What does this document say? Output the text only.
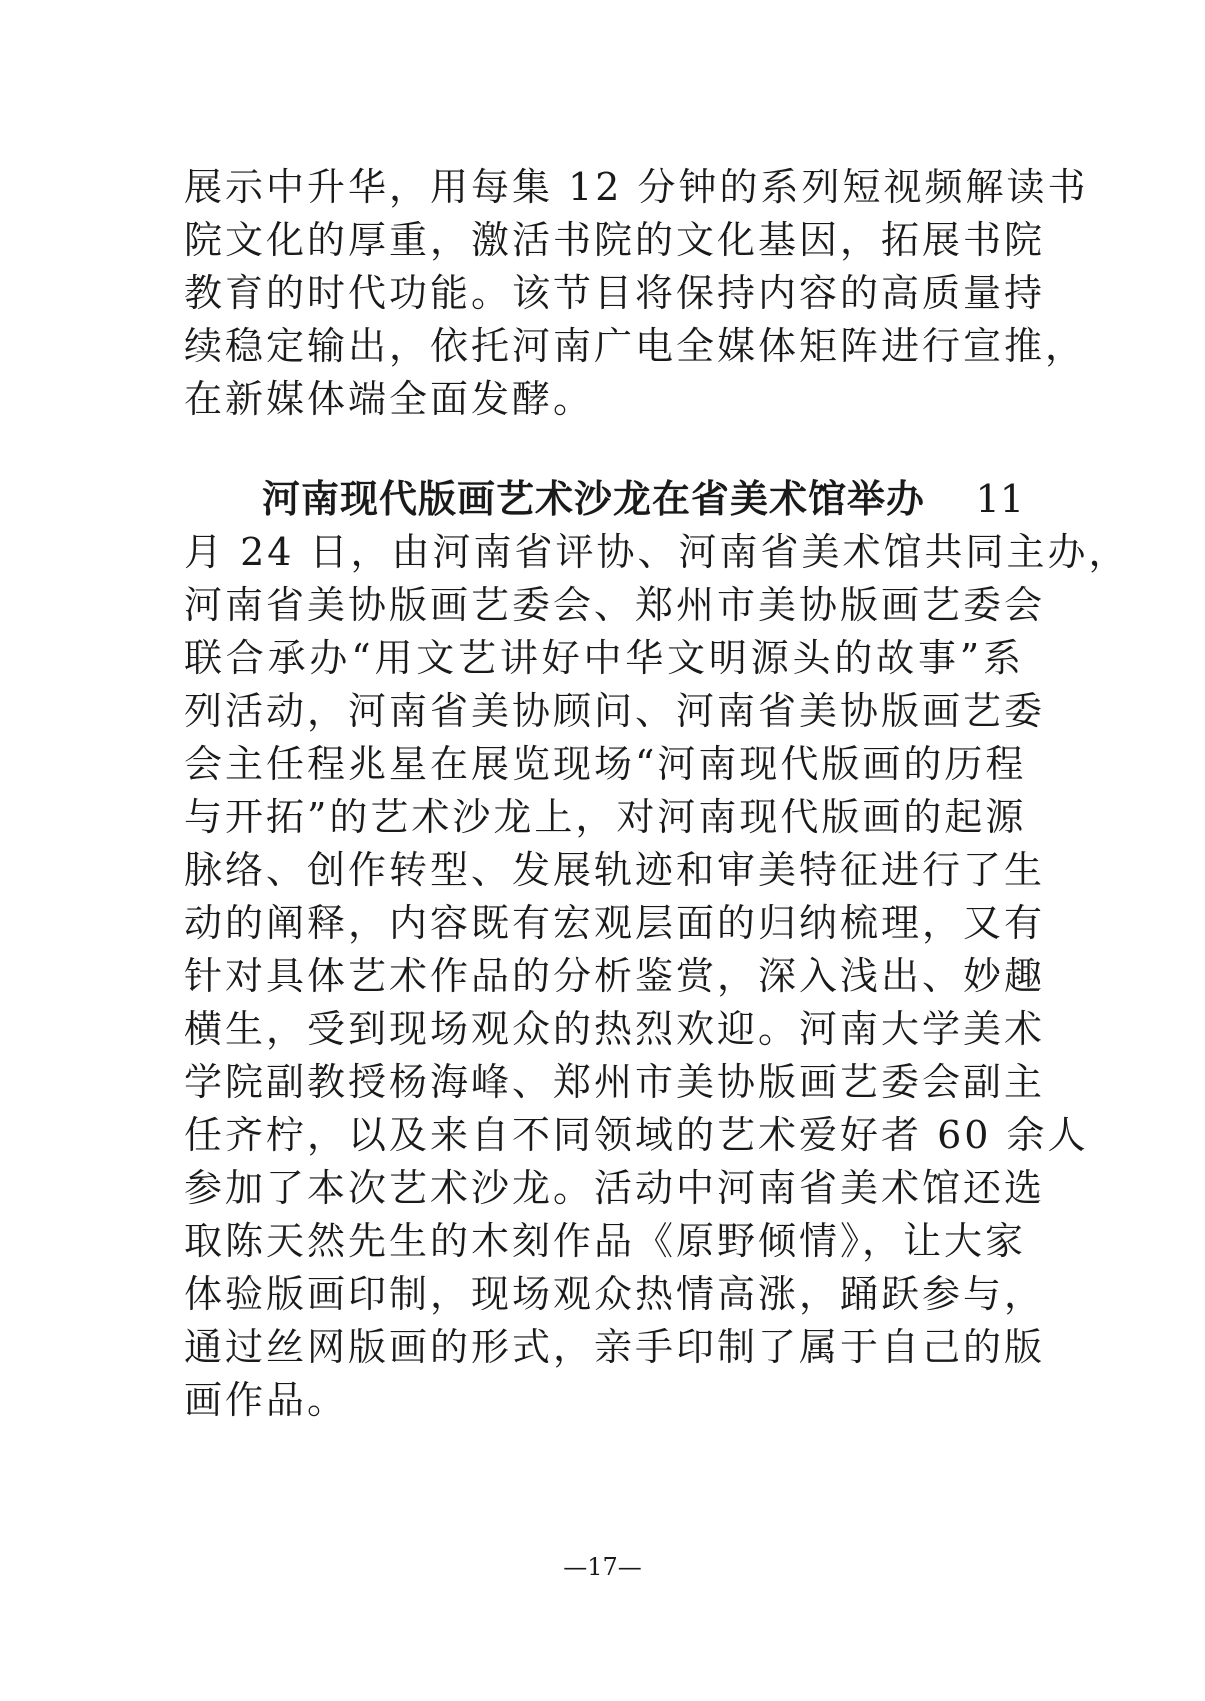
展示中升华，用每集 12 分钟的系列短视频解读书
院文化的厚重，激活书院的文化基因，拓展书院
教育的时代功能。该节目将保持内容的高质量持
续稳定输出，依托河南广电全媒体矩阵进行宣推，
在新媒体端全面发酵。
河南现代版画艺术沙龙在省美术馆举办 11
月 24 日，由河南省评协、河南省美术馆共同主办，
河南省美协版画艺委会、郑州市美协版画艺委会
联合承办“用文艺讲好中华文明源头的故事”系
列活动，河南省美协顾问、河南省美协版画艺委
会主任程兆星在展览现场“河南现代版画的历程
与开拓”的艺术沙龙上，对河南现代版画的起源
脉络、创作转型、发展轨迹和审美特征进行了生
动的阐释，内容既有宏观层面的归纳梳理，又有
针对具体艺术作品的分析鉴赏，深入浅出、妙趣
横生，受到现场观众的热烈欢迎。河南大学美术
学院副教授杨海峰、郑州市美协版画艺委会副主
任齐柠，以及来自不同领域的艺术爱好者 60 余人
参加了本次艺术沙龙。活动中河南省美术馆还选
取陈天然先生的木刻作品《原野倾情》，让大家
体验版画印制，现场观众热情高涨，踊跃参与，
通过丝网版画的形式，亲手印制了属于自己的版
画作品。
—17—
